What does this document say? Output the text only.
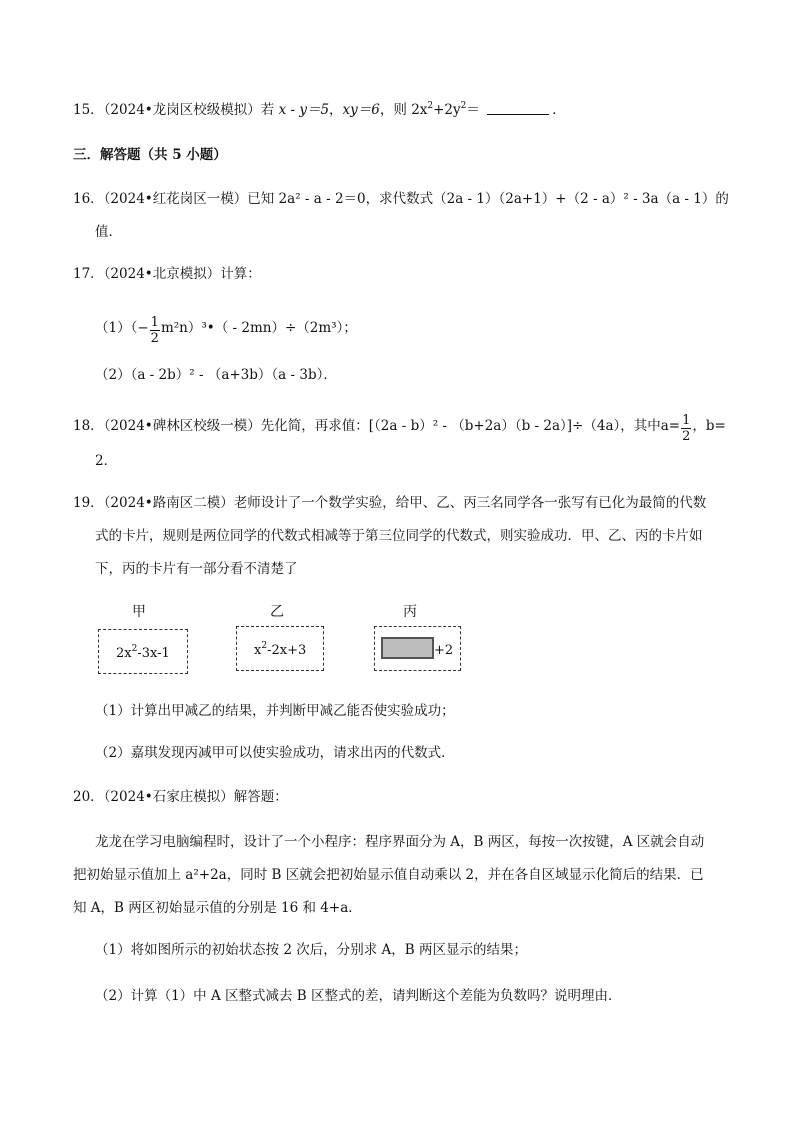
15．（2024•龙岗区校级模拟）若 x - y＝5，xy＝6，则 $2x^2+2y^2=$	．
三．解答题（共 5 小题）
16．（2024•红花岗区一模）已知 2a² - a - 2＝0，求代数式（2a - 1）（2a+1）+（2 - a）² - 3a（a - 1）的
值．
17．（2024•北京模拟）计算：
$(1)(- \frac{1}{2}$ m²n）³•（ - 2mn）÷（2m³）；
（2）（a - 2b）² - （a+3b）（a - 3b）．
18．（2024•碑林区校级一模）先化简，再求值：[（2a - b）² - （b+2a）（b - 2a）]÷（4a），其中$a= \frac{1}{2}$ ，b=
2．
19．（2024•路南区二模）老师设计了一个数学实验，给甲、乙、丙三名同学各一张写有已化为最简的代数
式的卡片，规则是两位同学的代数式相减等于第三位同学的代数式，则实验成功．甲、乙、丙的卡片如
下，丙的卡片有一部分看不清楚了
甲
$2x^2-3x-1$
乙
$x^2-2x+3$
丙
+2
（1）计算出甲减乙的结果，并判断甲减乙能否使实验成功；
（2）嘉琪发现丙减甲可以使实验成功，请求出丙的代数式．
20．（2024•石家庄模拟）解答题：
龙龙在学习电脑编程时，设计了一个小程序：程序界面分为 A，B 两区，每按一次按键，A 区就会自动
把初始显示值加上 a²+2a，同时 B 区就会把初始显示值自动乘以 2，并在各自区域显示化简后的结果．已
知 A，B 两区初始显示值的分别是 16 和 4+a．
（1）将如图所示的初始状态按 2 次后，分别求 A，B 两区显示的结果；
（2）计算（1）中 A 区整式减去 B 区整式的差，请判断这个差能为负数吗？说明理由．
